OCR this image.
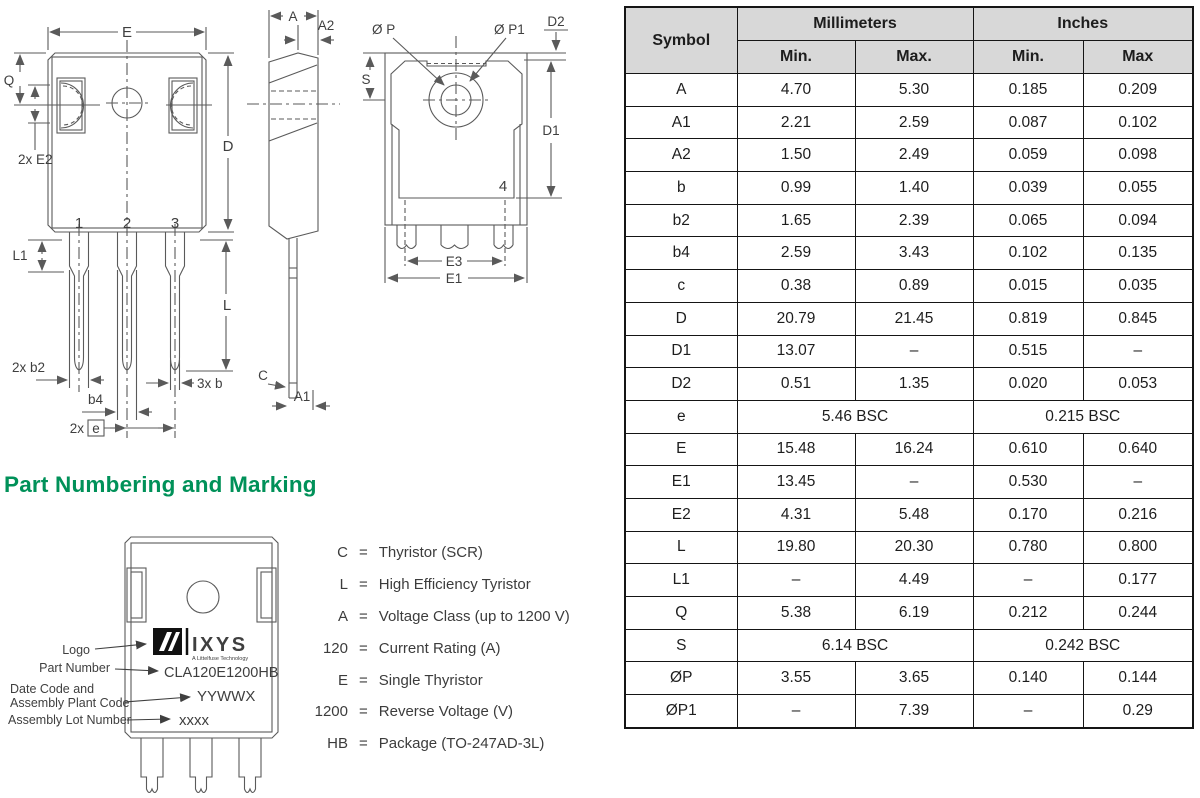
1	2	3
E
Q
2x E2
D
L
L1
2x b2
b4
2x e
3x b
A
A2
C
A1
S
D2
D1
Ø P	Ø P1
4
E3
E1
Part Numbering and Marking
IXYS
A Littelfuse Technology
CLA120E1200HB
YYWWX
xxxx
Logo
Part Number
Date Code and
Assembly Plant Code
Assembly Lot Number
C = Thyristor (SCR)
L = High Efficiency Tyristor
A = Voltage Class (up to 1200 V)
120 = Current Rating (A)
E = Single Thyristor
1200 = Reverse Voltage (V)
HB = Package (TO-247AD-3L)
Symbol	Millimeters		Inches	
	Min.	Max.	Min.	Max
A	4.70	5.30	0.185	0.209
A1	2.21	2.59	0.087	0.102
A2	1.50	2.49	0.059	0.098
b	0.99	1.40	0.039	0.055
b2	1.65	2.39	0.065	0.094
b4	2.59	3.43	0.102	0.135
c	0.38	0.89	0.015	0.035
D	20.79	21.45	0.819	0.845
D1	13.07	–	0.515	–
D2	0.51	1.35	0.020	0.053
e	5.46 BSC		0.215 BSC	
E	15.48	16.24	0.610	0.640
E1	13.45	–	0.530	–
E2	4.31	5.48	0.170	0.216
L	19.80	20.30	0.780	0.800
L1	–	4.49	–	0.177
Q	5.38	6.19	0.212	0.244
S	6.14 BSC		0.242 BSC	
ØP	3.55	3.65	0.140	0.144
ØP1	–	7.39	–	0.29
